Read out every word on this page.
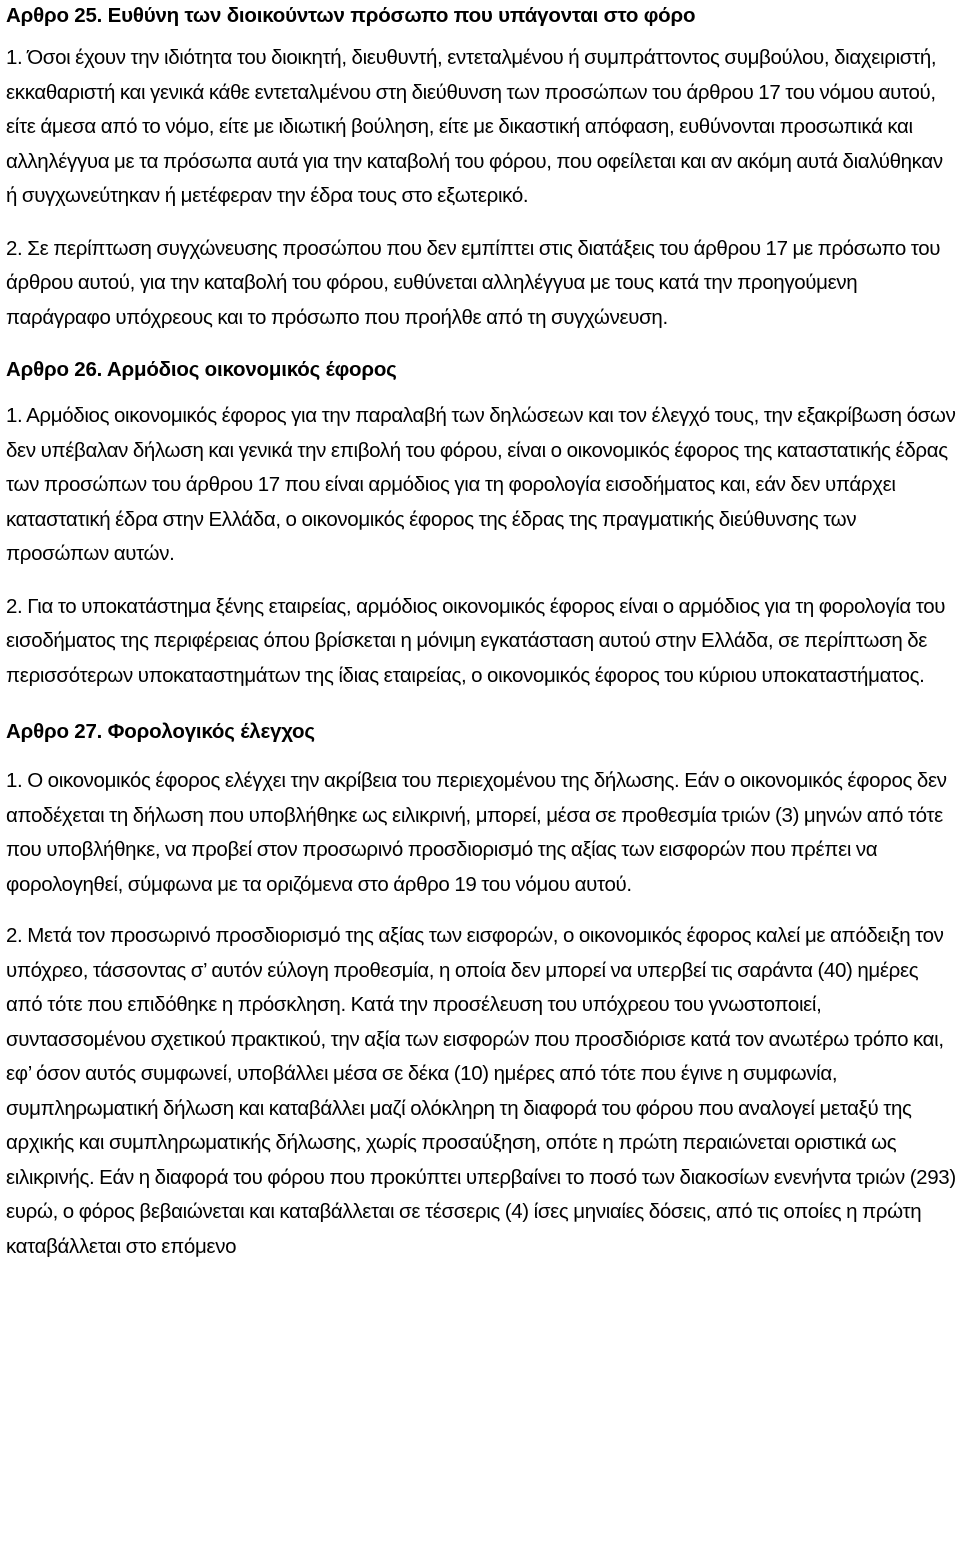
Αρθρο 25. Ευθύνη των διοικούντων πρόσωπο που υπάγονται στο φόρο

1. Όσοι έχουν την ιδιότητα του διοικητή, διευθυντή, εντεταλμένου ή συμπράττοντος συμβούλου, διαχειριστή, εκκαθαριστή και γενικά κάθε εντεταλμένου στη διεύθυνση των προσώπων του άρθρου 17 του νόμου αυτού, είτε άμεσα από το νόμο, είτε με ιδιωτική βούληση, είτε με δικαστική απόφαση, ευθύνονται προσωπικά και αλληλέγγυα με τα πρόσωπα αυτά για την καταβολή του φόρου, που οφείλεται και αν ακόμη αυτά διαλύθηκαν ή συγχωνεύτηκαν ή μετέφεραν την έδρα τους στο εξωτερικό.

2. Σε περίπτωση συγχώνευσης προσώπου που δεν εμπίπτει στις διατάξεις του άρθρου 17 με πρόσωπο του άρθρου αυτού, για την καταβολή του φόρου, ευθύνεται αλληλέγγυα με τους κατά την προηγούμενη παράγραφο υπόχρεους και το πρόσωπο που προήλθε από τη συγχώνευση.

Αρθρο 26. Αρμόδιος οικονομικός έφορος

1. Αρμόδιος οικονομικός έφορος για την παραλαβή των δηλώσεων και τον έλεγχό τους, την εξακρίβωση όσων δεν υπέβαλαν δήλωση και γενικά την επιβολή του φόρου, είναι ο οικονομικός έφορος της καταστατικής έδρας των προσώπων του άρθρου 17 που είναι αρμόδιος για τη φορολογία εισοδήματος και, εάν δεν υπάρχει καταστατική έδρα στην Ελλάδα, ο οικονομικός έφορος της έδρας της πραγματικής διεύθυνσης των προσώπων αυτών.

2. Για το υποκατάστημα ξένης εταιρείας, αρμόδιος οικονομικός έφορος είναι ο αρμόδιος για τη φορολογία του εισοδήματος της περιφέρειας όπου βρίσκεται η μόνιμη εγκατάσταση αυτού στην Ελλάδα, σε περίπτωση δε περισσότερων υποκαταστημάτων της ίδιας εταιρείας, ο οικονομικός έφορος του κύριου υποκαταστήματος.

Αρθρο 27. Φορολογικός έλεγχος

1. Ο οικονομικός έφορος ελέγχει την ακρίβεια του περιεχομένου της δήλωσης. Εάν ο οικονομικός έφορος δεν αποδέχεται τη δήλωση που υποβλήθηκε ως ειλικρινή, μπορεί, μέσα σε προθεσμία τριών (3) μηνών από τότε που υποβλήθηκε, να προβεί στον προσωρινό προσδιορισμό της αξίας των εισφορών που πρέπει να φορολογηθεί, σύμφωνα με τα οριζόμενα στο άρθρο 19 του νόμου αυτού.

2. Μετά τον προσωρινό προσδιορισμό της αξίας των εισφορών, ο οικονομικός έφορος καλεί με απόδειξη τον υπόχρεο, τάσσοντας σ’ αυτόν εύλογη προθεσμία, η οποία δεν μπορεί να υπερβεί τις σαράντα (40) ημέρες από τότε που επιδόθηκε η πρόσκληση. Κατά την προσέλευση του υπόχρεου του γνωστοποιεί, συντασσομένου σχετικού πρακτικού, την αξία των εισφορών που προσδιόρισε κατά τον ανωτέρω τρόπο και, εφ’ όσον αυτός συμφωνεί, υποβάλλει μέσα σε δέκα (10) ημέρες από τότε που έγινε η συμφωνία, συμπληρωματική δήλωση και καταβάλλει μαζί ολόκληρη τη διαφορά του φόρου που αναλογεί μεταξύ της αρχικής και συμπληρωματικής δήλωσης, χωρίς προσαύξηση, οπότε η πρώτη περαιώνεται οριστικά ως ειλικρινής. Εάν η διαφορά του φόρου που προκύπτει υπερβαίνει το ποσό των διακοσίων ενενήντα τριών (293) ευρώ, ο φόρος βεβαιώνεται και καταβάλλεται σε τέσσερις (4) ίσες μηνιαίες δόσεις, από τις οποίες η πρώτη καταβάλλεται στο επόμενο
